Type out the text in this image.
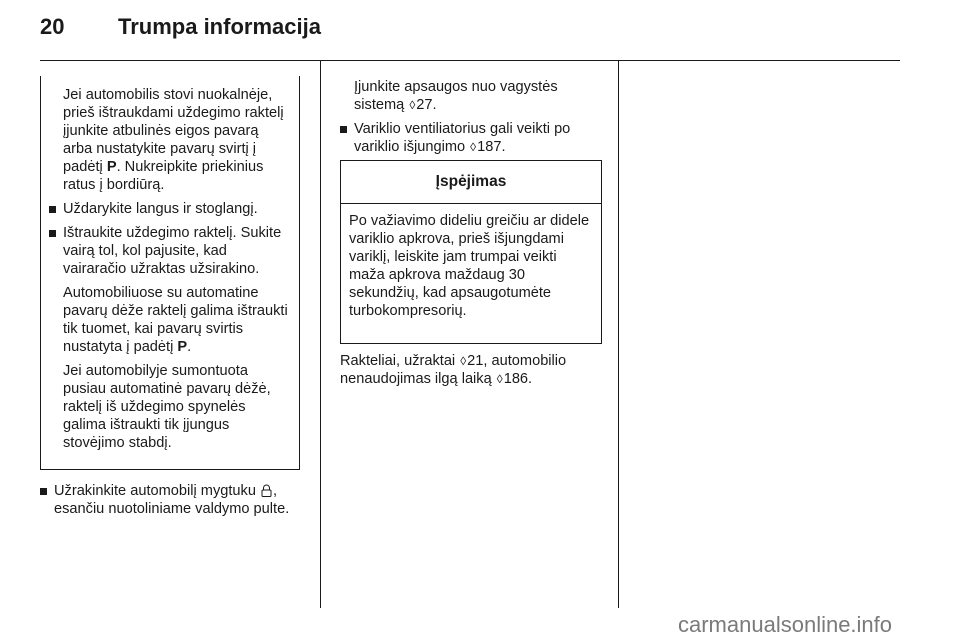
20 Trumpa informacija

Jei automobilis stovi nuokalnėje, prieš ištraukdami uždegimo raktelį įjunkite atbulinės eigos pavarą arba nustatykite pavarų svirtį į padėtį P. Nukreipkite priekinius ratus į bordiūrą.

Uždarykite langus ir stoglangį.
Ištraukite uždegimo raktelį. Sukite vairą tol, kol pajusite, kad vairaračio užraktas užsirakino.

Automobiliuose su automatine pavarų dėže raktelį galima ištraukti tik tuomet, kai pavarų svirtis nustatyta į padėtį P.

Jei automobilyje sumontuota pusiau automatinė pavarų dėžė, raktelį iš uždegimo spynelės galima ištraukti tik įjungus stovėjimo stabdį.

Užrakinkite automobilį mygtuku , esančiu nuotoliniame valdymo pulte.

Įjunkite apsaugos nuo vagystės sistemą ◊27.

Variklio ventiliatorius gali veikti po variklio išjungimo ◊187.
Įspėjimas
Po važiavimo dideliu greičiu ar didele variklio apkrova, prieš išjungdami variklį, leiskite jam trumpai veikti maža apkrova maždaug 30 sekundžių, kad apsaugotumėte turbokompresorių.

Rakteliai, užraktai ◊21, automobilio nenaudojimas ilgą laiką ◊186.

carmanualsonline.info
